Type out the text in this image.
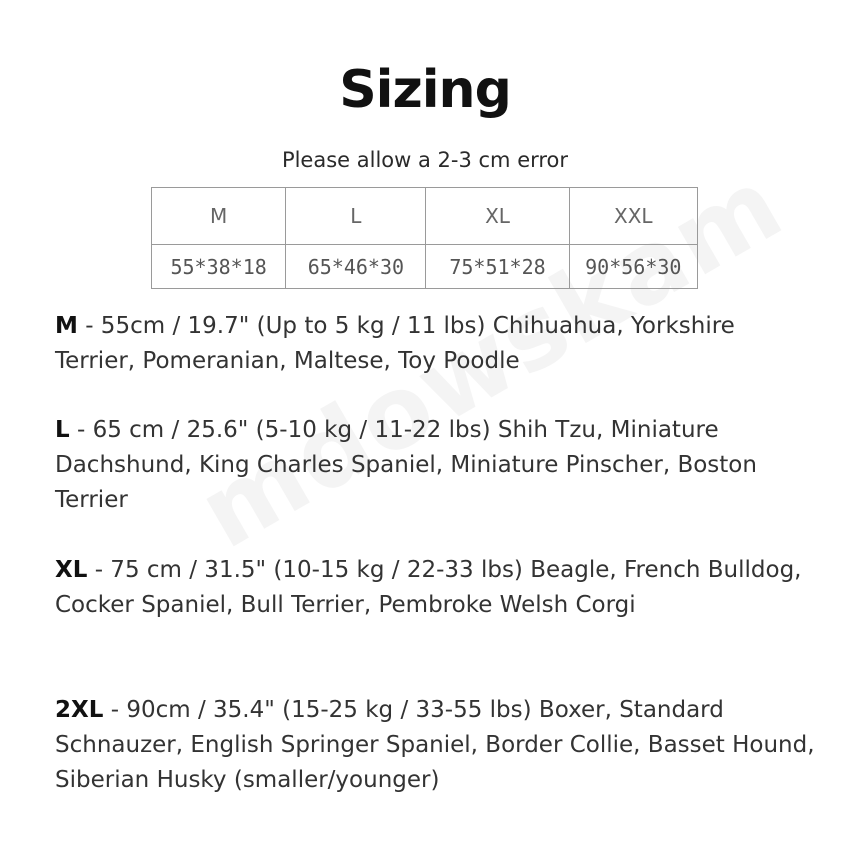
Sizing
Please allow a 2-3 cm error
M	L	XL	XXL
55*38*18	65*46*30	75*51*28	90*56*30
M - 55cm / 19.7" (Up to 5 kg / 11 lbs) Chihuahua, Yorkshire Terrier, Pomeranian, Maltese, Toy Poodle
L - 65 cm / 25.6" (5-10 kg / 11-22 lbs) Shih Tzu, Miniature Dachshund, King Charles Spaniel, Miniature Pinscher, Boston Terrier
XL - 75 cm / 31.5" (10-15 kg / 22-33 lbs) Beagle, French Bulldog, Cocker Spaniel, Bull Terrier, Pembroke Welsh Corgi
2XL - 90cm / 35.4" (15-25 kg / 33-55 lbs) Boxer, Standard Schnauzer, English Springer Spaniel, Border Collie, Basset Hound, Siberian Husky (smaller/younger)
